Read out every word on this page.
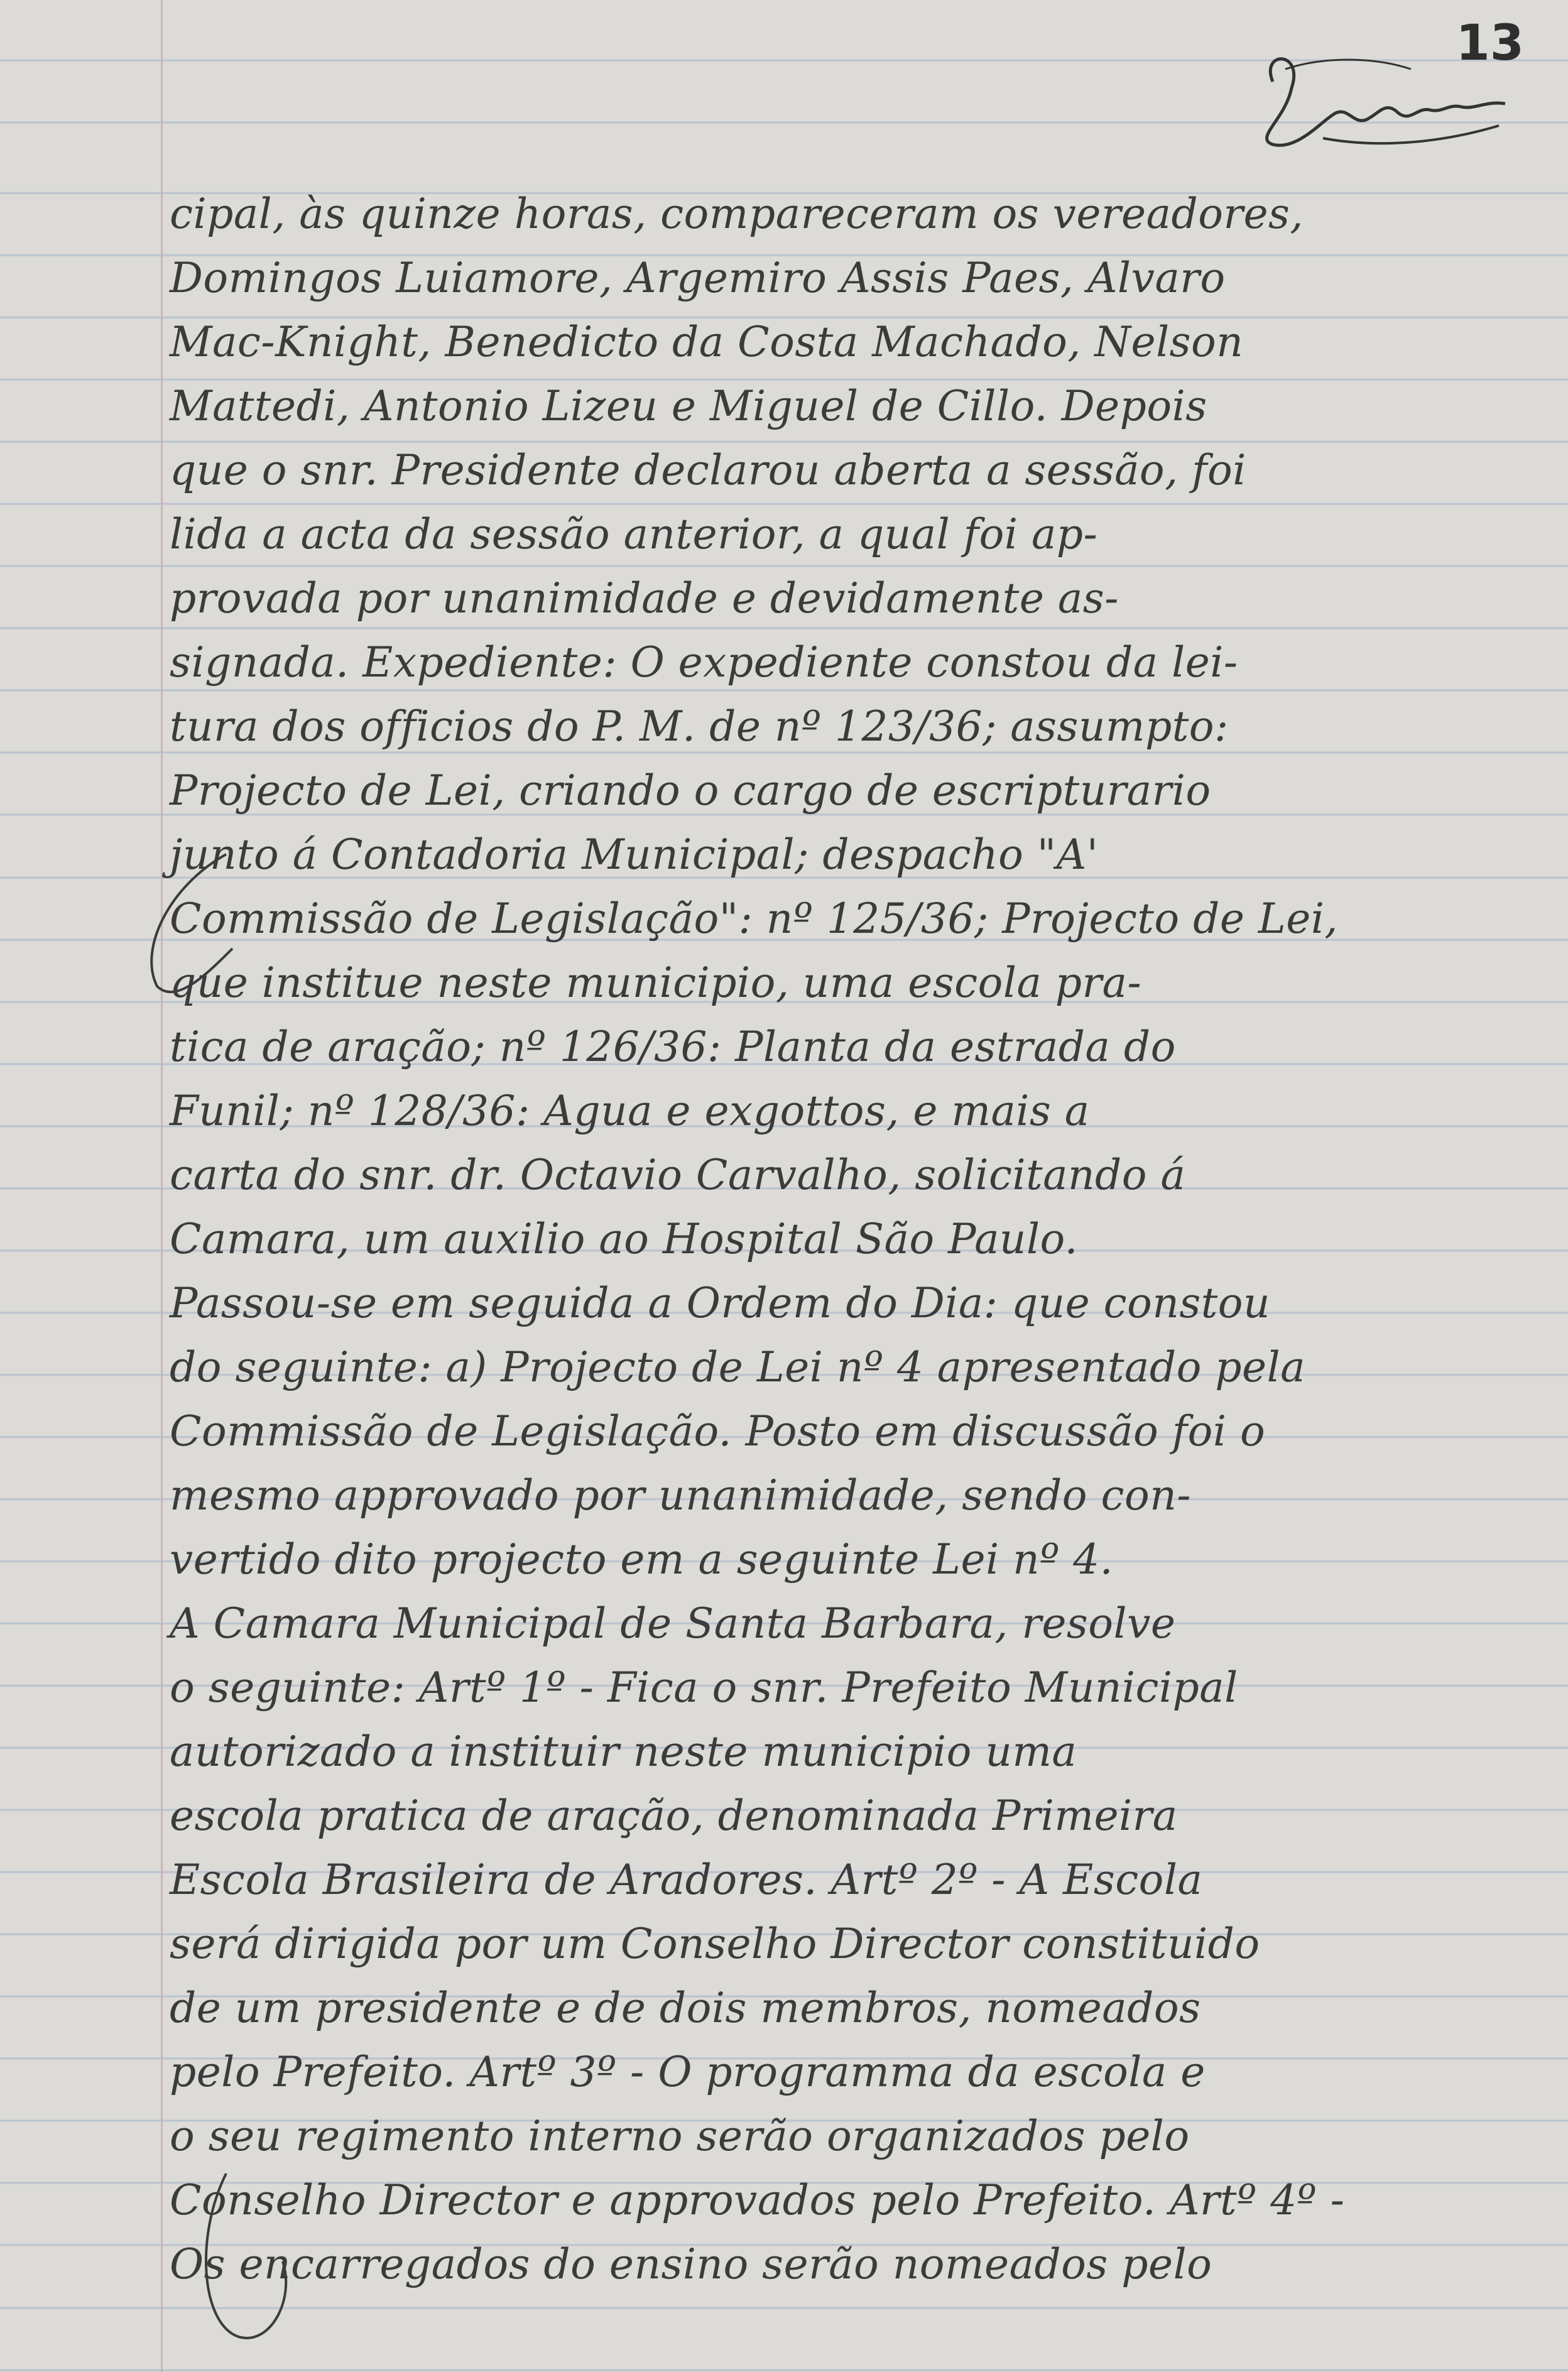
13
cipal, às quinze horas, compareceram os vereadores,
Domingos Luiamore, Argemiro Assis Paes, Alvaro
Mac-Knight, Benedicto da Costa Machado, Nelson
Mattedi, Antonio Lizeu e Miguel de Cillo. Depois
que o snr. Presidente declarou aberta a sessão, foi
lida a acta da sessão anterior, a qual foi ap-
provada por unanimidade e devidamente as-
signada. Expediente: O expediente constou da lei-
tura dos officios do P. M. de nº 123/36; assumpto:
Projecto de Lei, criando o cargo de escripturario
junto á Contadoria Municipal; despacho "A'
Commissão de Legislação": nº 125/36; Projecto de Lei,
que institue neste municipio, uma escola pra-
tica de aração; nº 126/36: Planta da estrada do
Funil; nº 128/36: Agua e exgottos, e mais a
carta do snr. dr. Octavio Carvalho, solicitando á
Camara, um auxilio ao Hospital São Paulo.
Passou-se em seguida a Ordem do Dia: que constou
do seguinte: a) Projecto de Lei nº 4 apresentado pela
Commissão de Legislação. Posto em discussão foi o
mesmo approvado por unanimidade, sendo con-
vertido dito projecto em a seguinte Lei nº 4.
A Camara Municipal de Santa Barbara, resolve
o seguinte: Artº 1º - Fica o snr. Prefeito Municipal
autorizado a instituir neste municipio uma
escola pratica de aração, denominada Primeira
Escola Brasileira de Aradores. Artº 2º - A Escola
será dirigida por um Conselho Director constituido
de um presidente e de dois membros, nomeados
pelo Prefeito. Artº 3º - O programma da escola e
o seu regimento interno serão organizados pelo
Conselho Director e approvados pelo Prefeito. Artº 4º -
Os encarregados do ensino serão nomeados pelo
